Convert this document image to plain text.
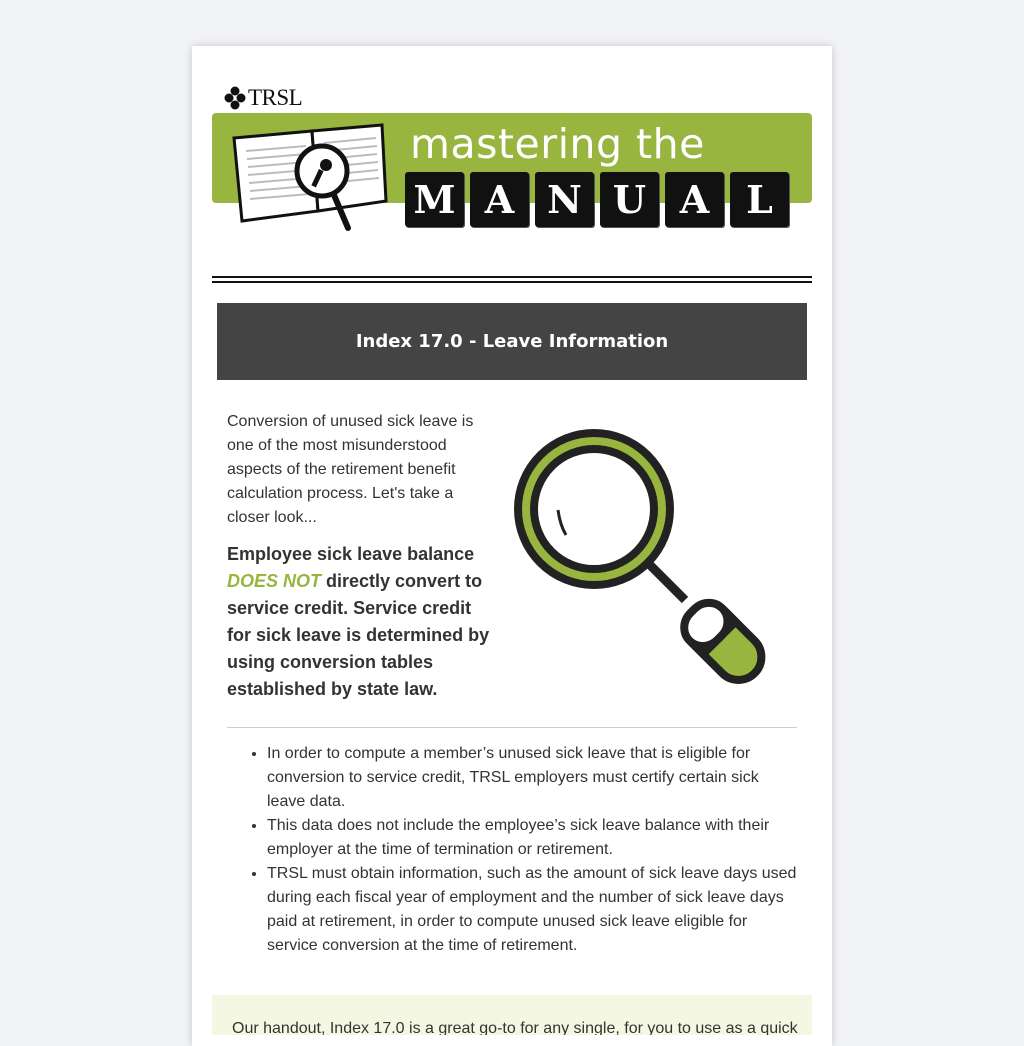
TRSL
mastering the
M A N U A L
Index 17.0 - Leave Information
Conversion of unused sick leave is one of the most misunderstood aspects of the retirement benefit calculation process. Let's take a closer look...
Employee sick leave balance DOES NOT directly convert to service credit. Service credit for sick leave is determined by using conversion tables established by state law.
• In order to compute a member’s unused sick leave that is eligible for conversion to service credit, TRSL employers must certify certain sick leave data.
• This data does not include the employee’s sick leave balance with their employer at the time of termination or retirement.
• TRSL must obtain information, such as the amount of sick leave days used during each fiscal year of employment and the number of sick leave days paid at retirement, in order to compute unused sick leave eligible for service conversion at the time of retirement.

Our handout, Index 17.0 is a great go-to for any single, for you to use as a quick
